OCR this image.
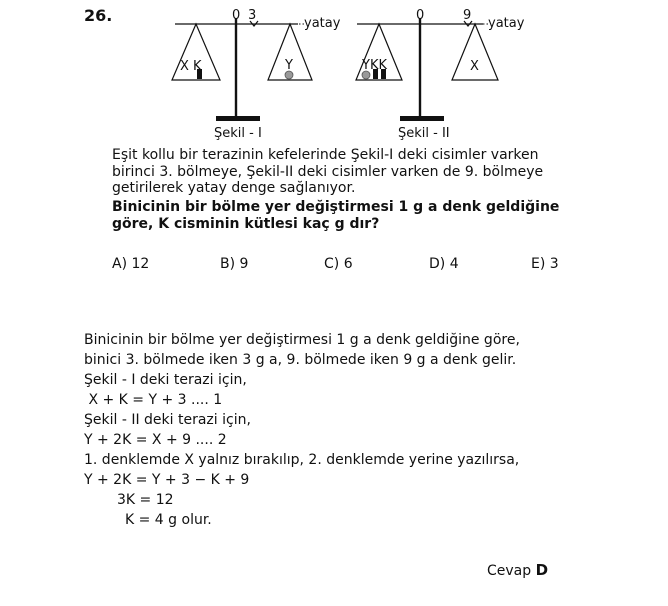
26.	0 3
yatay
X K	Y
Şekil - I
0	9
yatay
YKK	X
Şekil - II
Eşit kollu bir terazinin kefelerinde Şekil-I deki cisimler varken
birinci 3. bölmeye, Şekil-II deki cisimler varken de 9. bölmeye
getirilerek yatay denge sağlanıyor.
Binicinin bir bölme yer değiştirmesi 1 g a denk geldiğine
göre, K cisminin kütlesi kaç g dır?
A) 12	B) 9	C) 6	D) 4	E) 3
Binicinin bir bölme yer değiştirmesi 1 g a denk geldiğine göre,
binici 3. bölmede iken 3 g a, 9. bölmede iken 9 g a denk gelir.
Şekil - I deki terazi için,
X + K = Y + 3 .... 1
Şekil - II deki terazi için,
Y + 2K = X + 9 .... 2
1. denklemde X yalnız bırakılıp, 2. denklemde yerine yazılırsa,
Y + 2K = Y + 3 − K + 9
3K = 12
K = 4 g olur.
Cevap D
